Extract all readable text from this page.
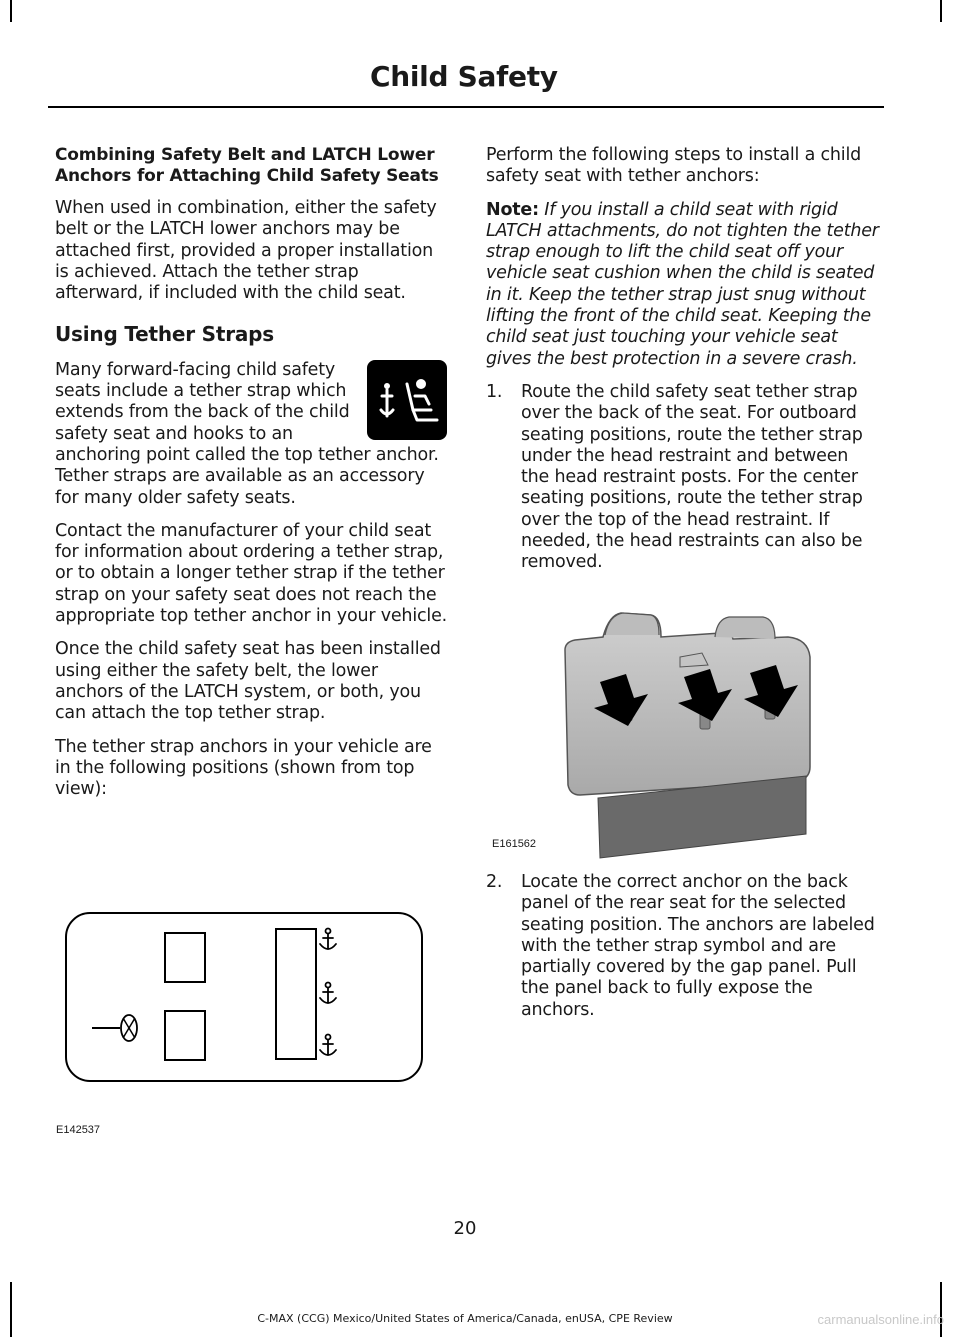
Child Safety
Combining Safety Belt and LATCH Lower Anchors for Attaching Child Safety Seats

When used in combination, either the safety belt or the LATCH lower anchors may be attached first, provided a proper installation is achieved. Attach the tether strap afterward, if included with the child seat.

Using Tether Straps
Many forward-facing child safety seats include a tether strap which extends from the back of the child safety seat and hooks to an anchoring point called the top tether anchor. Tether straps are available as an accessory for many older safety seats.

Contact the manufacturer of your child seat for information about ordering a tether strap, or to obtain a longer tether strap if the tether strap on your safety seat does not reach the appropriate top tether anchor in your vehicle.

Once the child safety seat has been installed using either the safety belt, the lower anchors of the LATCH system, or both, you can attach the top tether strap.

The tether strap anchors in your vehicle are in the following positions (shown from top view):

E142537

Perform the following steps to install a child safety seat with tether anchors:

Note: If you install a child seat with rigid LATCH attachments, do not tighten the tether strap enough to lift the child seat off your vehicle seat cushion when the child is seated in it. Keep the tether strap just snug without lifting the front of the child seat. Keeping the child seat just touching your vehicle seat gives the best protection in a severe crash.

1. Route the child safety seat tether strap over the back of the seat. For outboard seating positions, route the tether strap under the head restraint and between the head restraint posts. For the center seating positions, route the tether strap over the top of the head restraint. If needed, the head restraints can also be removed.
E161562
2. Locate the correct anchor on the back panel of the rear seat for the selected seating position. The anchors are labeled with the tether strap symbol and are partially covered by the gap panel. Pull the panel back to fully expose the anchors.
20
C-MAX (CCG) Mexico/United States of America/Canada, enUSA, CPE Review	carmanualsonline.info
